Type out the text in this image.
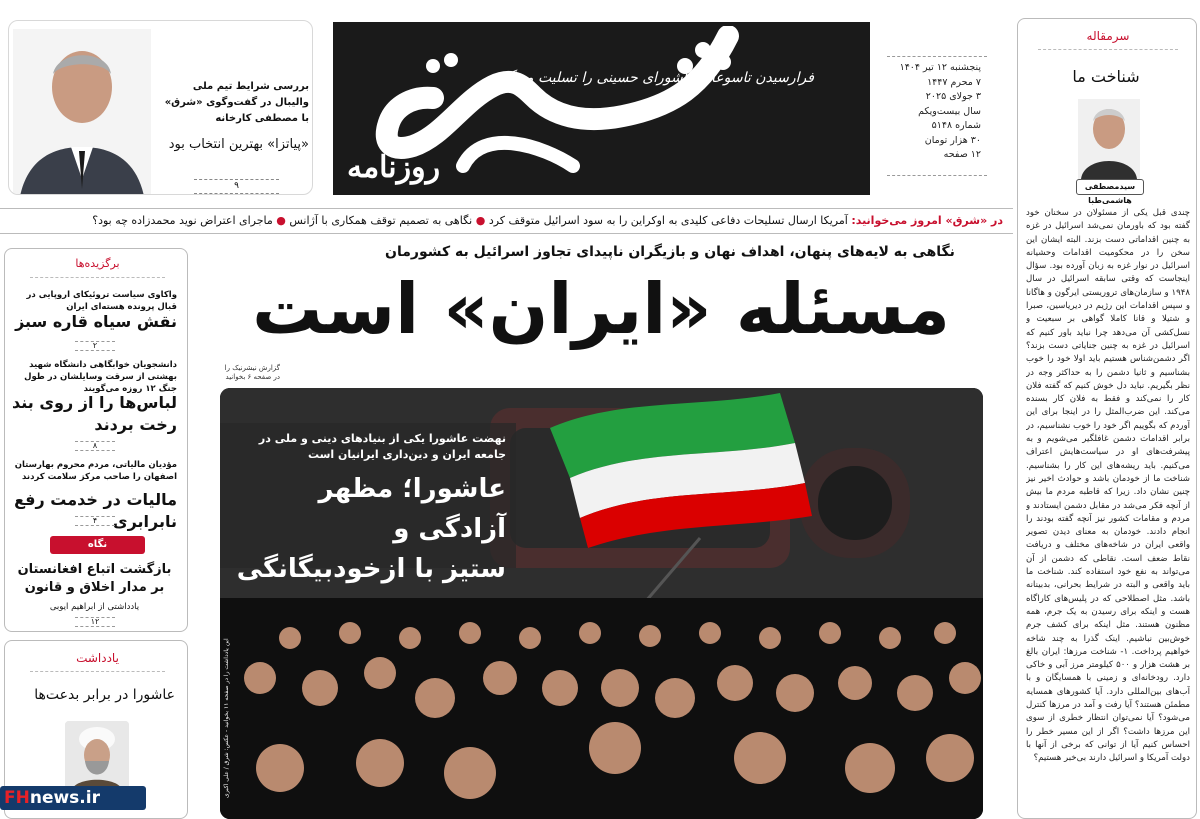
فرارسیدن تاسوعا و عاشورای حسینی را تسلیت می‌گوییم
روزنامه
پنجشنبه ۱۲ تیر ۱۴۰۴
۷ محرم ۱۴۴۷
۳ جولای ۲۰۲۵
سال بیست‌ویکم
شماره ۵۱۴۸
۳۰ هزار تومان
۱۲ صفحه
بررسی شرایط تیم ملی والیبال در گفت‌وگوی «شرق» با مصطفی کارخانه
«پیاتزا» بهترین انتخاب بود
۹
در «شرق» امروز می‌خوانید: آمریکا ارسال تسلیحات دفاعی کلیدی به اوکراین را به سود اسرائیل متوقف کرد ● نگاهی به تصمیم توقف همکاری با آژانس ● ماجرای اعتراض نوید محمدزاده چه بود؟
نگاهی به لایه‌های پنهان، اهداف نهان و بازیگران ناپیدای تجاوز اسرائیل به کشورمان
مسئله «ایران» است
گزارش نیشرنیک را در صفحه ۶ بخوانید
نهضت عاشورا یکی از بنیادهای دینی و ملی در جامعه ایران و دین‌داری ایرانیان است
عاشورا؛ مظهر آزادگی و
ستیز با ازخودبیگانگی
این یادداشت را در صفحه ۱۱ بخوانید - عکس: شرق / علی اکبری
برگزیده‌ها
واکاوی سیاست تروئیکای اروپایی در قبال پرونده هسته‌ای ایران
نقش سیاه قاره سبز
۲
دانشجویان خوابگاهی دانشگاه شهید بهشتی از سرقت وسایلشان در طول جنگ ۱۲ روزه می‌گویند
لباس‌ها را از روی بند رخت بردند
۸
مؤدیان مالیاتی، مردم محروم بهارستان اصفهان را صاحب مرکز سلامت کردند
مالیات در خدمت رفع نابرابری
۴
نگاه
بازگشت اتباع افغانستان
بر مدار اخلاق و قانون
یادداشتی از ابراهیم ایوبی
۱۲
یادداشت
عاشورا در برابر بدعت‌ها
FHnews.ir
سرمقاله
شناخت ما
سیدمصطفی هاشمی‌طبا
چندی قبل یکی از مسئولان در سخنان خود گفته بود که باورمان نمی‌شد اسرائیل در غزه به چنین اقداماتی دست بزند. البته ایشان این سخن را در محکومیت اقدامات وحشیانه اسرائیل در نوار غزه به زبان آورده بود. سؤال اینجاست که وقتی سابقه اسرائیل در سال ۱۹۴۸ و سازمان‌های تروریستی ایرگون و هاگانا و سپس اقدامات این رژیم در دیریاسین، صبرا و شتیلا و قانا کاملا گواهی بر سبعیت و نسل‌کشی آن می‌دهد چرا نباید باور کنیم که اسرائیل در غزه به چنین جنایاتی دست بزند؟ اگر دشمن‌شناس هستیم باید اولا خود را خوب بشناسیم و ثانیا دشمن را به حداکثر وجه در نظر بگیریم. نباید دل خوش کنیم که گفته فلان کار را نمی‌کند و فقط به فلان کار بسنده می‌کند. این ضرب‌المثل را در اینجا برای این آوردم که بگوییم اگر خود را خوب نشناسیم، در برابر اقدامات دشمن غافلگیر می‌شویم و به پیشرفت‌های او در سیاست‌هایش اعتراف می‌کنیم. باید ریشه‌های این کار را بشناسیم. شناخت ما از خودمان باشد و حوادث اخیر نیز چنین نشان داد. زیرا که قاطبه مردم ما بیش از آنچه فکر می‌شد در مقابل دشمن ایستادند و مردم و مقامات کشور نیز آنچه گفته بودند را انجام دادند. خودمان به معنای دیدن تصویر واقعی ایران در شاخه‌های مختلف و دریافت نقاط ضعف است. نقاطی که دشمن از آن می‌تواند به نفع خود استفاده کند. شناخت ما باید واقعی و البته در شرایط بحرانی، بدبینانه باشد. مثل اصطلاحی که در پلیس‌های کاراگاه هست و اینکه برای رسیدن به یک جرم، همه مظنون هستند. مثل اینکه برای کشف جرم خوش‌بین نباشیم. اینک گذرا به چند شاخه خواهیم پرداخت. ۱- شناخت مرزها: ایران بالغ بر هشت هزار و ۵۰۰ کیلومتر مرز آبی و خاکی دارد. رودخانه‌ای و زمینی با همسایگان و با آب‌های بین‌المللی دارد. آیا کشورهای همسایه مطمئن هستند؟ آیا رفت و آمد در مرزها کنترل می‌شود؟ آیا نمی‌توان انتظار خطری از سوی این مرزها داشت؟ اگر از این مسیر خطر را احساس کنیم آیا از توانی که برخی از آنها با دولت آمریکا و اسرائیل دارند بی‌خبر هستیم؟
